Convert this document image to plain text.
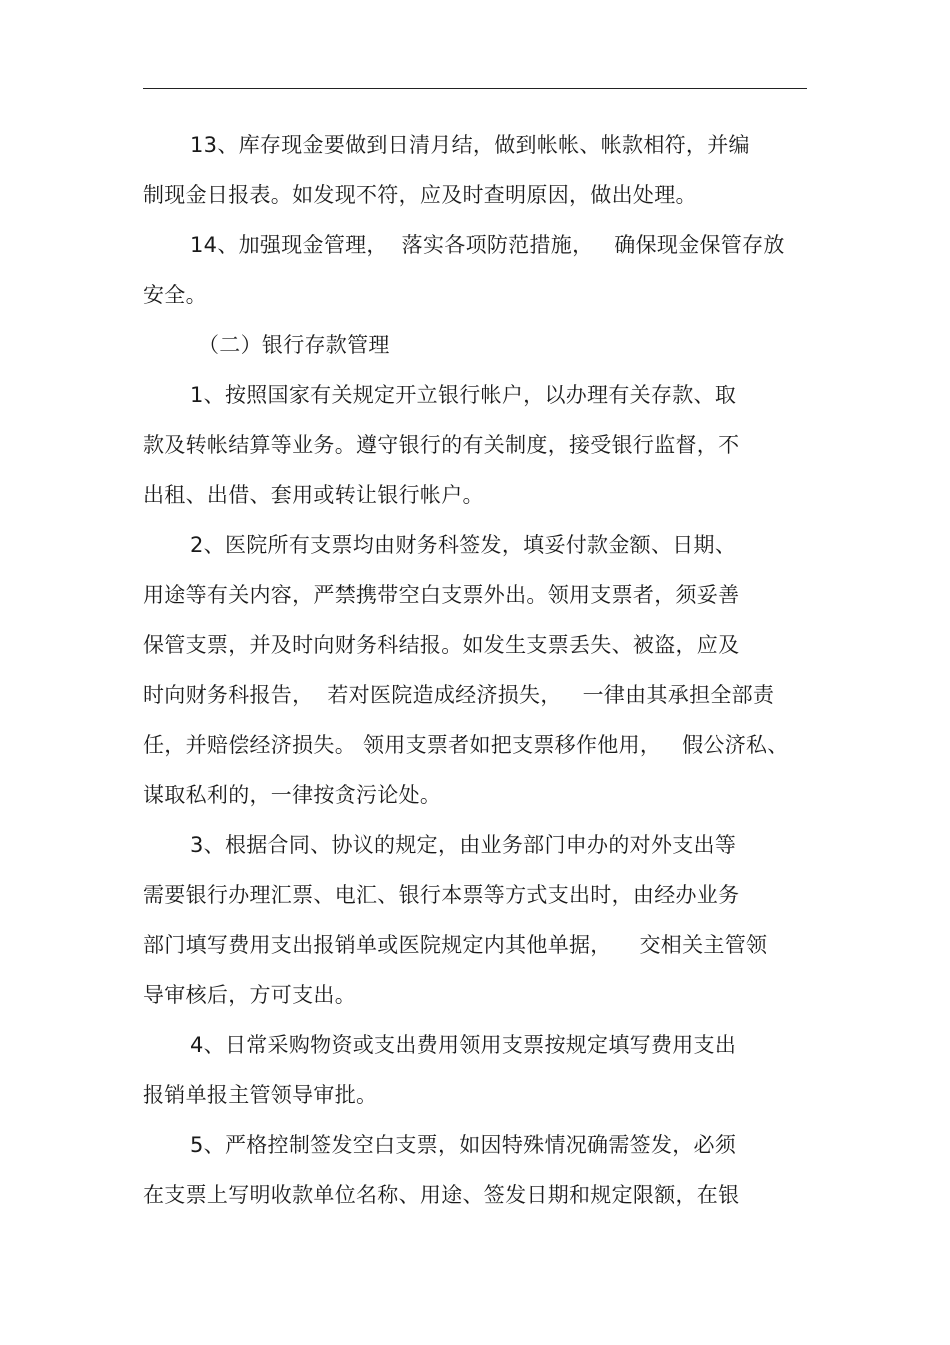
13、库存现金要做到日清月结，做到帐帐、帐款相符，并编
制现金日报表。如发现不符，应及时查明原因，做出处理。
14、加强现金管理，  落实各项防范措施，   确保现金保管存放
安全。
（二）银行存款管理
1、按照国家有关规定开立银行帐户，以办理有关存款、取
款及转帐结算等业务。遵守银行的有关制度，接受银行监督，不
出租、出借、套用或转让银行帐户。
2、医院所有支票均由财务科签发，填妥付款金额、日期、
用途等有关内容，严禁携带空白支票外出。领用支票者，须妥善
保管支票，并及时向财务科结报。如发生支票丢失、被盗，应及
时向财务科报告，  若对医院造成经济损失，   一律由其承担全部责
任，并赔偿经济损失。 领用支票者如把支票移作他用，   假公济私、
谋取私利的，一律按贪污论处。
3、根据合同、协议的规定，由业务部门申办的对外支出等
需要银行办理汇票、电汇、银行本票等方式支出时，由经办业务
部门填写费用支出报销单或医院规定内其他单据，    交相关主管领
导审核后，方可支出。
4、日常采购物资或支出费用领用支票按规定填写费用支出
报销单报主管领导审批。
5、严格控制签发空白支票，如因特殊情况确需签发，必须
在支票上写明收款单位名称、用途、签发日期和规定限额，在银
